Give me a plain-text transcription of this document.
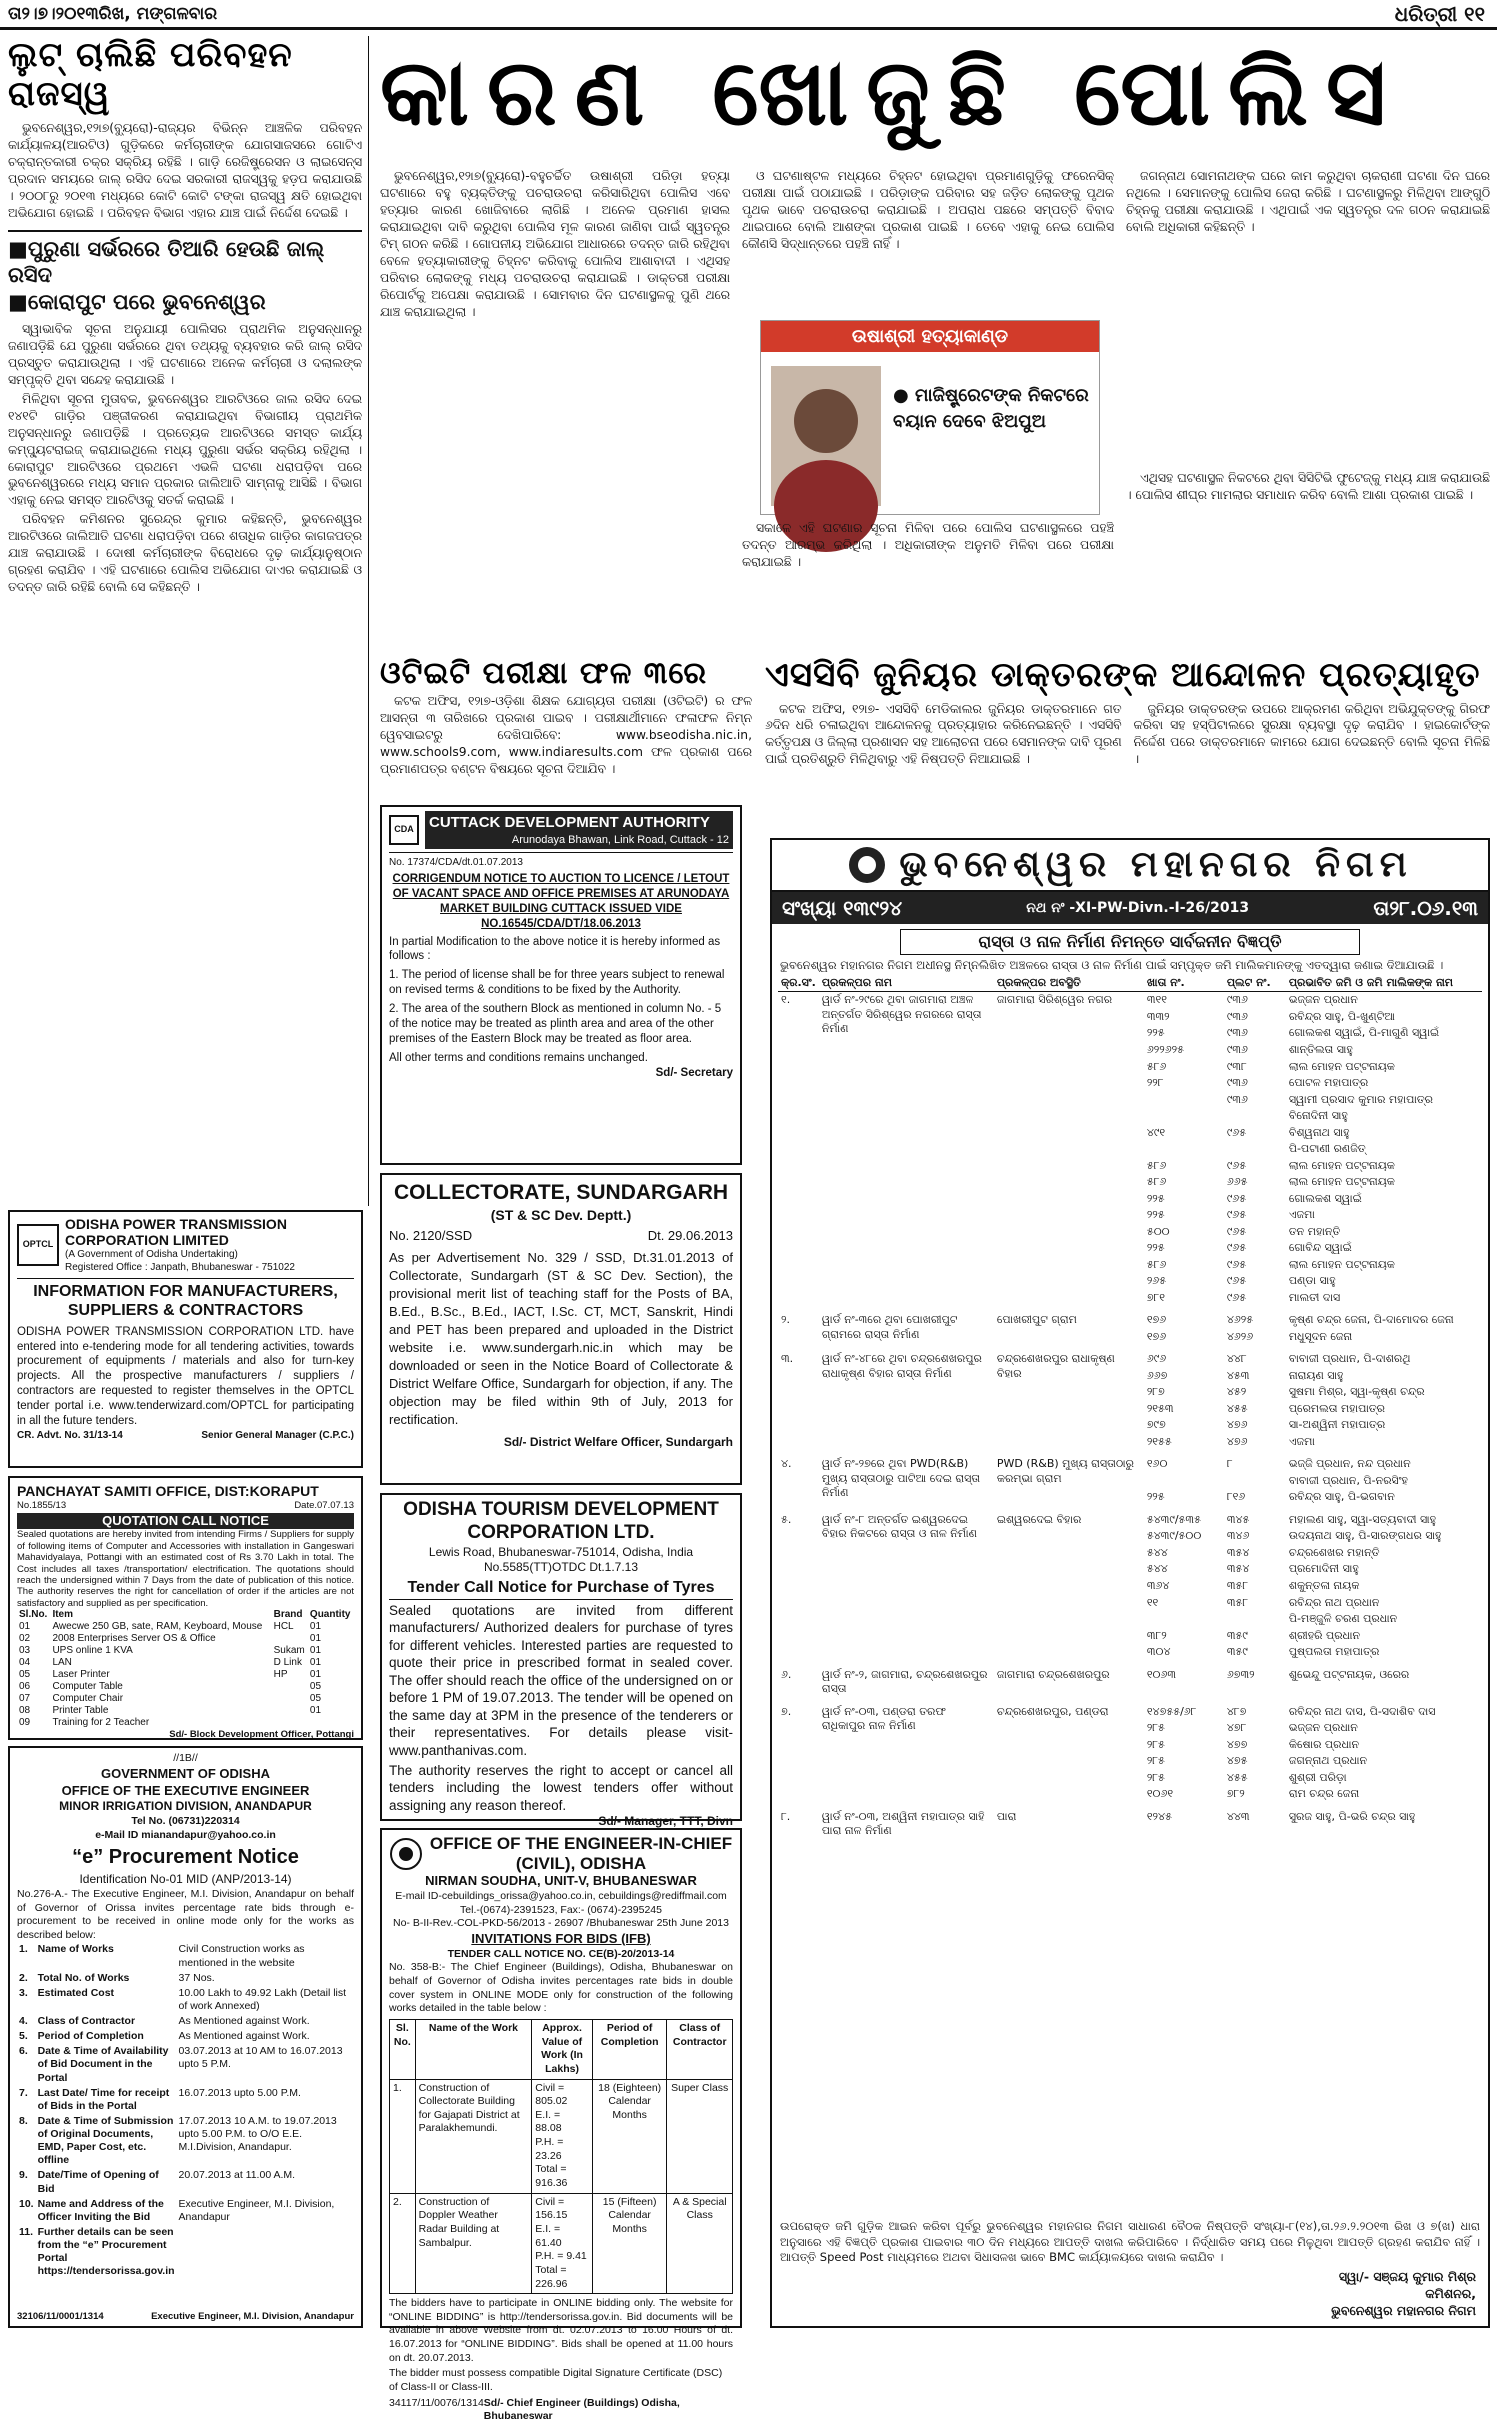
ତା୨।୭।୨୦୧୩ରିଖ, ମଙ୍ଗଳବାର	ଧରିତ୍ରୀ ୧୧
ଲୁଟ୍ ଚାଲିଛି ପରିବହନ ରାଜସ୍ୱ

ଭୁବନେଶ୍ୱର,୧୨ା୭(ବ୍ୟୁରୋ)-ରାଜ୍ୟର ବିଭିନ୍ନ ଆଞ୍ଚଳିକ ପରିବହନ କାର୍ଯ୍ୟାଳୟ(ଆରଟିଓ) ଗୁଡ଼ିକରେ କର୍ମଚାରୀଙ୍କ ଯୋଗସାଜସରେ ଗୋଟିଏ ଚକ୍ରାନ୍ତକାରୀ ଚକ୍ର ସକ୍ରିୟ ରହିଛି । ଗାଡ଼ି ରେଜିଷ୍ଟ୍ରେସନ ଓ ଲାଇସେନ୍ସ ପ୍ରଦାନ ସମୟରେ ଜାଲ୍ ରସିଦ ଦେଇ ସରକାରୀ ରାଜସ୍ୱକୁ ହଡ଼ପ କରାଯାଉଛି । ୨୦୦୮ରୁ ୨୦୧୩ ମଧ୍ୟରେ କୋଟି କୋଟି ଟଙ୍କା ରାଜସ୍ୱ କ୍ଷତି ହୋଇଥିବା ଅଭିଯୋଗ ହୋଇଛି । ପରିବହନ ବିଭାଗ ଏହାର ଯାଞ୍ଚ ପାଇଁ ନିର୍ଦ୍ଦେଶ ଦେଇଛି ।

■ପୁରୁଣା ସର୍ଭରରେ ତିଆରି ହେଉଛି ଜାଲ୍ ରସିଦ
■କୋରାପୁଟ ପରେ ଭୁବନେଶ୍ୱର

ସ୍ୱାଭାବିକ ସୂଚନା ଅନୁଯାୟୀ ପୋଲିସର ପ୍ରାଥମିକ ଅନୁସନ୍ଧାନରୁ ଜଣାପଡ଼ିଛି ଯେ ପୁରୁଣା ସର୍ଭରରେ ଥିବା ତଥ୍ୟକୁ ବ୍ୟବହାର କରି ଜାଲ୍ ରସିଦ ପ୍ରସ୍ତୁତ କରାଯାଉଥିଲା । ଏହି ଘଟଣାରେ ଅନେକ କର୍ମଚାରୀ ଓ ଦଲାଲଙ୍କ ସମ୍ପୃକ୍ତି ଥିବା ସନ୍ଦେହ କରାଯାଉଛି ।

ମିଳିଥିବା ସୂଚନା ମୁତାବକ, ଭୁବନେଶ୍ୱର ଆରଟିଓରେ ଜାଲ ରସିଦ ଦେଇ ୧୪୧ଟି ଗାଡ଼ିର ପଞ୍ଜୀକରଣ କରାଯାଇଥିବା ବିଭାଗୀୟ ପ୍ରାଥମିକ ଅନୁସନ୍ଧାନରୁ ଜଣାପଡ଼ିଛି । ପ୍ରତ୍ୟେକ ଆରଟିଓରେ ସମସ୍ତ କାର୍ଯ୍ୟ କମ୍ପ୍ୟୁଟରାଇଜ୍ କରାଯାଇଥିଲେ ମଧ୍ୟ ପୁରୁଣା ସର୍ଭର ସକ୍ରିୟ ରହିଥିଲା । କୋରାପୁଟ ଆରଟିଓରେ ପ୍ରଥମେ ଏଭଳି ଘଟଣା ଧରାପଡ଼ିବା ପରେ ଭୁବନେଶ୍ୱରରେ ମଧ୍ୟ ସମାନ ପ୍ରକାର ଜାଲିଆତି ସାମ୍ନାକୁ ଆସିଛି । ବିଭାଗ ଏହାକୁ ନେଇ ସମସ୍ତ ଆରଟିଓକୁ ସତର୍କ କରାଇଛି ।

ପରିବହନ କମିଶନର ସୁରେନ୍ଦ୍ର କୁମାର କହିଛନ୍ତି, ଭୁବନେଶ୍ୱର ଆରଟିଓରେ ଜାଲିଆତି ଘଟଣା ଧରାପଡ଼ିବା ପରେ ଶତାଧିକ ଗାଡ଼ିର କାଗଜପତ୍ର ଯାଞ୍ଚ କରାଯାଉଛି । ଦୋଷୀ କର୍ମଚାରୀଙ୍କ ବିରୋଧରେ ଦୃଢ଼ କାର୍ଯ୍ୟାନୁଷ୍ଠାନ ଗ୍ରହଣ କରାଯିବ । ଏହି ଘଟଣାରେ ପୋଲିସ ଅଭିଯୋଗ ଦାଏର କରାଯାଇଛି ଓ ତଦନ୍ତ ଜାରି ରହିଛି ବୋଲି ସେ କହିଛନ୍ତି ।

କାରଣ ଖୋଜୁଛି ପୋଲିସ

ଭୁବନେଶ୍ୱର,୧୨ା୭(ବ୍ୟୁରୋ)-ବହୁଚର୍ଚ୍ଚିତ ଉଷାଶ୍ରୀ ପରିଡ଼ା ହତ୍ୟା ଘଟଣାରେ ବହୁ ବ୍ୟକ୍ତିଙ୍କୁ ପଚରାଉଚରା କରିସାରିଥିବା ପୋଲିସ ଏବେ ହତ୍ୟାର କାରଣ ଖୋଜିବାରେ ଲାଗିଛି । ଅନେକ ପ୍ରମାଣ ହାସଲ କରାଯାଇଥିବା ଦାବି କରୁଥିବା ପୋଲିସ ମୂଳ କାରଣ ଜାଣିବା ପାଇଁ ସ୍ୱତନ୍ତ୍ର ଟିମ୍ ଗଠନ କରିଛି । ଗୋପନୀୟ ଅଭିଯୋଗ ଆଧାରରେ ତଦନ୍ତ ଜାରି ରହିଥିବା ବେଳେ ହତ୍ୟାକାରୀଙ୍କୁ ଚିହ୍ନଟ କରିବାକୁ ପୋଲିସ ଆଶାବାଦୀ । ଏଥିସହ ପରିବାର ଲୋକଙ୍କୁ ମଧ୍ୟ ପଚରାଉଚରା କରାଯାଇଛି । ଡାକ୍ତରୀ ପରୀକ୍ଷା ରିପୋର୍ଟକୁ ଅପେକ୍ଷା କରାଯାଉଛି । ସୋମବାର ଦିନ ଘଟଣାସ୍ଥଳକୁ ପୁଣି ଥରେ ଯାଞ୍ଚ କରାଯାଇଥିଲା ।

ଓ ଘଟଣାଷ୍ଟଳ ମଧ୍ୟରେ ଚିହ୍ନଟ ହୋଇଥିବା ପ୍ରମାଣଗୁଡ଼ିକୁ ଫରେନସିକ୍ ପରୀକ୍ଷା ପାଇଁ ପଠାଯାଇଛି । ପରିଡ଼ାଙ୍କ ପରିବାର ସହ ଜଡ଼ିତ ଲୋକଙ୍କୁ ପୃଥକ ପୃଥକ ଭାବେ ପଚରାଉଚରା କରାଯାଇଛି । ଅପରାଧ ପଛରେ ସମ୍ପତ୍ତି ବିବାଦ ଥାଇପାରେ ବୋଲି ଆଶଙ୍କା ପ୍ରକାଶ ପାଇଛି । ତେବେ ଏହାକୁ ନେଇ ପୋଲିସ କୌଣସି ସିଦ୍ଧାନ୍ତରେ ପହଞ୍ଚି ନାହିଁ ।

ଉଷାଶ୍ରୀ ହତ୍ୟାକାଣ୍ଡ
● ମାଜିଷ୍ଟ୍ରେଟଙ୍କ ନିକଟରେ ବୟାନ ଦେବେ ଝିଅପୁଅ

ସକାଳେ ଏହି ଘଟଣାର ସୂଚନା ମିଳିବା ପରେ ପୋଲିସ ଘଟଣାସ୍ଥଳରେ ପହଞ୍ଚି ତଦନ୍ତ ଆରମ୍ଭ କରିଥିଲା । ଅଧିକାରୀଙ୍କ ଅନୁମତି ମିଳିବା ପରେ ପରୀକ୍ଷା କରାଯାଇଛି ।

ଜଗନ୍ନାଥ ସୋମନାଥଙ୍କ ଘରେ କାମ କରୁଥିବା ଚାକରାଣୀ ଘଟଣା ଦିନ ଘରେ ନଥିଲେ । ସେମାନଙ୍କୁ ପୋଲିସ ଜେରା କରିଛି । ଘଟଣାସ୍ଥଳରୁ ମିଳିଥିବା ଆଙ୍ଗୁଠି ଚିହ୍ନକୁ ପରୀକ୍ଷା କରାଯାଉଛି । ଏଥିପାଇଁ ଏକ ସ୍ୱତନ୍ତ୍ର ଦଳ ଗଠନ କରାଯାଇଛି ବୋଲି ଅଧିକାରୀ କହିଛନ୍ତି ।

ଏଥିସହ ଘଟଣାସ୍ଥଳ ନିକଟରେ ଥିବା ସିସିଟିଭି ଫୁଟେଜ୍‌କୁ ମଧ୍ୟ ଯାଞ୍ଚ କରାଯାଉଛି । ପୋଲିସ ଶୀଘ୍ର ମାମଲାର ସମାଧାନ କରିବ ବୋଲି ଆଶା ପ୍ରକାଶ ପାଇଛି ।

ଓଟିଇଟି ପରୀକ୍ଷା ଫଳ ୩ରେ

କଟକ ଅଫିସ, ୧୨ା୭-ଓଡ଼ିଶା ଶିକ୍ଷକ ଯୋଗ୍ୟତା ପରୀକ୍ଷା (ଓଟିଇଟି) ର ଫଳ ଆସନ୍ତା ୩ ତାରିଖରେ ପ୍ରକାଶ ପାଇବ । ପରୀକ୍ଷାର୍ଥୀମାନେ ଫଳାଫଳ ନିମ୍ନ ୱେବସାଇଟରୁ ଦେଖିପାରିବେ: www.bseodisha.nic.in, www.schools9.com, www.indiaresults.com ଫଳ ପ୍ରକାଶ ପରେ ପ୍ରମାଣପତ୍ର ବଣ୍ଟନ ବିଷୟରେ ସୂଚନା ଦିଆଯିବ ।

ଏସସିବି ଜୁନିୟର ଡାକ୍ତରଙ୍କ ଆନ୍ଦୋଳନ ପ୍ରତ୍ୟାହୃତ

କଟକ ଅଫିସ, ୧୨ା୭- ଏସସିବି ମେଡିକାଲର ଜୁନିୟର ଡାକ୍ତରମାନେ ଗତ ୬ଦିନ ଧରି ଚଳାଇଥିବା ଆନ୍ଦୋଳନକୁ ପ୍ରତ୍ୟାହାର କରିନେଇଛନ୍ତି । ଏସସିବି କର୍ତ୍ତୃପକ୍ଷ ଓ ଜିଲ୍ଲା ପ୍ରଶାସନ ସହ ଆଲୋଚନା ପରେ ସେମାନଙ୍କ ଦାବି ପୂରଣ ପାଇଁ ପ୍ରତିଶ୍ରୁତି ମିଳିଥିବାରୁ ଏହି ନିଷ୍ପତ୍ତି ନିଆଯାଇଛି ।

ଜୁନିୟର ଡାକ୍ତରଙ୍କ ଉପରେ ଆକ୍ରମଣ କରିଥିବା ଅଭିଯୁକ୍ତଙ୍କୁ ଗିରଫ କରିବା ସହ ହସ୍ପିଟାଲରେ ସୁରକ୍ଷା ବ୍ୟବସ୍ଥା ଦୃଢ଼ କରାଯିବ । ହାଇକୋର୍ଟଙ୍କ ନିର୍ଦ୍ଦେଶ ପରେ ଡାକ୍ତରମାନେ କାମରେ ଯୋଗ ଦେଇଛନ୍ତି ବୋଲି ସୂଚନା ମିଳିଛି ।

CDA	CUTTACK DEVELOPMENT AUTHORITY
Arunodaya Bhawan, Link Road, Cuttack - 12
No. 17374/CDA/dt.01.07.2013
CORRIGENDUM NOTICE TO AUCTION TO LICENCE / LETOUT OF VACANT SPACE AND OFFICE PREMISES AT ARUNODAYA MARKET BUILDING CUTTACK ISSUED VIDE NO.16545/CDA/DT/18.06.2013
In partial Modification to the above notice it is hereby informed as follows :
1. The period of license shall be for three years subject to renewal on revised terms & conditions to be fixed by the Authority.
2. The area of the southern Block as mentioned in column No. - 5 of the notice may be treated as plinth area and area of the other premises of the Eastern Block may be treated as floor area.
All other terms and conditions remains unchanged.
Sd/- Secretary
COLLECTORATE, SUNDARGARH
(ST & SC Dev. Deptt.)
No. 2120/SSD	Dt. 29.06.2013
As per Advertisement No. 329 / SSD, Dt.31.01.2013 of Collectorate, Sundargarh (ST & SC Dev. Section), the provisional merit list of teaching staff for the Posts of BA, B.Ed., B.Sc., B.Ed., IACT, I.Sc. CT, MCT, Sanskrit, Hindi and PET has been prepared and uploaded in the District website i.e. www.sundergarh.nic.in which may be downloaded or seen in the Notice Board of Collectorate & District Welfare Office, Sundargarh for objection, if any. The objection may be filed within 9th of July, 2013 for rectification.
Sd/- District Welfare Officer, Sundargarh
ODISHA TOURISM DEVELOPMENT CORPORATION LTD.
Lewis Road, Bhubaneswar-751014, Odisha, India
No.5585(TT)OTDC Dt.1.7.13
Tender Call Notice for Purchase of Tyres
Sealed quotations are invited from different manufacturers/ Authorized dealers for purchase of tyres for different vehicles. Interested parties are requested to quote their price in prescribed format in sealed cover. The offer should reach the office of the undersigned on or before 1 PM of 19.07.2013. The tender will be opened on the same day at 3PM in the presence of the tenderers or their representatives. For details please visit- www.panthanivas.com.
The authority reserves the right to accept or cancel all tenders including the lowest tenders offer without assigning any reason thereof.
Sd/- Manager, TTT, Divn
OFFICE OF THE ENGINEER-IN-CHIEF (CIVIL), ODISHA
NIRMAN SOUDHA, UNIT-V, BHUBANESWAR
E-mail ID-cebuildings_orissa@yahoo.co.in, cebuildings@rediffmail.com
Tel.-(0674)-2391523, Fax:- (0674)-2395245
No- B-II-Rev.-COL-PKD-56/2013 - 26907 /Bhubaneswar 25th June 2013
INVITATIONS FOR BIDS (IFB)
TENDER CALL NOTICE NO. CE(B)-20/2013-14
No. 358-B:- The Chief Engineer (Buildings), Odisha, Bhubaneswar on behalf of Governor of Odisha invites percentages rate bids in double cover system in ONLINE MODE only for construction of the following works detailed in the table below :
Sl. No.	Name of the Work	Approx. Value of Work (In Lakhs)	Period of Completion	Class of Contractor
1.	Construction of Collectorate Building for Gajapati District at Paralakhemundi.	Civil = 805.02
E.I. = 88.08
P.H. = 23.26
Total = 916.36	18 (Eighteen) Calendar Months	Super Class
2.	Construction of Doppler Weather Radar Building at Sambalpur.	Civil = 156.15
E.I. = 61.40
P.H. = 9.41
Total = 226.96	15 (Fifteen) Calendar Months	A & Special Class
The bidders have to participate in ONLINE bidding only. The website for “ONLINE BIDDING” is http://tendersorissa.gov.in. Bid documents will be available in above Website from dt. 02.07.2013 to 16.00 Hours of dt. 16.07.2013 for “ONLINE BIDDING”. Bids shall be opened at 11.00 hours on dt. 20.07.2013.
The bidder must possess compatible Digital Signature Certificate (DSC) of Class-II or Class-III.
34117/11/0076/1314 Sd/- Chief Engineer (Buildings) Odisha, Bhubaneswar
OPTCL
ODISHA POWER TRANSMISSION CORPORATION LIMITED
(A Government of Odisha Undertaking)
Registered Office : Janpath, Bhubaneswar - 751022
INFORMATION FOR MANUFACTURERS, SUPPLIERS & CONTRACTORS
ODISHA POWER TRANSMISSION CORPORATION LTD. have entered into e-tendering mode for all tendering activities, towards procurement of equipments / materials and also for turn-key projects. All the prospective manufacturers / suppliers / contractors are requested to register themselves in the OPTCL tender portal i.e. www.tenderwizard.com/OPTCL for participating in all the future tenders.
CR. Advt. No. 31/13-14	Senior General Manager (C.P.C.)
PANCHAYAT SAMITI OFFICE, DIST:KORAPUT
No.1855/13	Date.07.07.13
QUOTATION CALL NOTICE
Sealed quotations are hereby invited from intending Firms / Suppliers for supply of following items of Computer and Accessories with installation in Gangeswari Mahavidyalaya, Pottangi with an estimated cost of Rs 3.70 Lakh in total. The Cost includes all taxes /transportation/ electrification. The quotations should reach the undersigned within 7 Days from the date of publication of this notice. The authority reserves the right for cancellation of order if the articles are not satisfactory and supplied as per specification.
Sl.No.	Item	Brand	Quantity
01	Awecwe 250 GB, sate, RAM, Keyboard, Mouse	HCL	01
02	2008 Enterprises Server OS & Office		01
03	UPS online 1 KVA	Sukam	01
04	LAN	D Link	01
05	Laser Printer	HP	01
06	Computer Table		05
07	Computer Chair		05
08	Printer Table		01
09	Training for 2 Teacher		
Sd/- Block Development Officer, Pottangi
//1B//
GOVERNMENT OF ODISHA
OFFICE OF THE EXECUTIVE ENGINEER
MINOR IRRIGATION DIVISION, ANANDAPUR
Tel No. (06731)220314
e-Mail ID mianandapur@yahoo.co.in
“e” Procurement Notice
Identification No-01 MID (ANP/2013-14)
No.276-A.- The Executive Engineer, M.I. Division, Anandapur on behalf of Governor of Orissa invites percentage rate bids through e-procurement to be received in online mode only for the works as described below:
1.	Name of Works	Civil Construction works as mentioned in the website
2.	Total No. of Works	37 Nos.
3.	Estimated Cost	10.00 Lakh to 49.92 Lakh (Detail list of work Annexed)
4.	Class of Contractor	As Mentioned against Work.
5.	Period of Completion	As Mentioned against Work.
6.	Date & Time of Availability of Bid Document in the Portal	03.07.2013 at 10 AM to 16.07.2013 upto 5 P.M.
7.	Last Date/ Time for receipt of Bids in the Portal	16.07.2013 upto 5.00 P.M.
8.	Date & Time of Submission of Original Documents, EMD, Paper Cost, etc. offline	17.07.2013 10 A.M. to 19.07.2013 upto 5.00 P.M. to O/O E.E. M.I.Division, Anandapur.
9.	Date/Time of Opening of Bid	20.07.2013 at 11.00 A.M.
10.	Name and Address of the Officer Inviting the Bid	Executive Engineer, M.I. Division, Anandapur
11.	Further details can be seen from the “e” Procurement Portal https://tendersorissa.gov.in	
32106/11/0001/1314	Executive Engineer, M.I. Division, Anandapur
ଭୁବନେଶ୍ୱର ମହାନଗର ନିଗମ
ସଂଖ୍ୟା ୧୩୯୨୪	ନଥ ନଂ -XI-PW-Divn.-I-26/2013	ତା୨୮.୦୬.୧୩
ରାସ୍ତା ଓ ନାଳ ନିର୍ମାଣ ନିମନ୍ତେ ସାର୍ବଜନୀନ ବିଜ୍ଞପ୍ତି
ଭୁବନେଶ୍ୱର ମହାନଗର ନିଗମ ଅଧୀନସ୍ଥ ନିମ୍ନଲିଖିତ ଅଞ୍ଚଳରେ ରାସ୍ତା ଓ ନାଳ ନିର୍ମାଣ ପାଇଁ ସମ୍ପୃକ୍ତ ଜମି ମାଲିକମାନଙ୍କୁ ଏତଦ୍ୱାରା ଜଣାଇ ଦିଆଯାଉଛି ।
କ୍ର.ସଂ.	ପ୍ରକଳ୍ପର ନାମ	ପ୍ରକଳ୍ପର ଅବସ୍ଥିତି	ଖାତା ନଂ.	ପ୍ଲଟ ନଂ.	ପ୍ରଭାବିତ ଜମି ଓ ଜମି ମାଲିକଙ୍କ ନାମ
୧.	ୱାର୍ଡ ନଂ-୨୯ରେ ଥିବା ଜାଗମାରା ଅଞ୍ଚଳ ଅନ୍ତର୍ଗତ ସିରିଶ୍ୱେର ନଗରରେ ରାସ୍ତା ନିର୍ମାଣ	ଜାଗମାରା ସିରିଶ୍ୱେର ନଗର	୩୧୧	୯୩୬	ଭଜ୍ଜନ ପ୍ରଧାନ
			୩୩୨	୯୩୬	ରବିନ୍ଦ୍ର ସାହୁ, ପି-ଖୁଣ୍ଟିଆ
			୨୨୫	୯୩୬	ଗୋଲକଶ ସ୍ୱାଇଁ, ପି-ମାଗୁଣି ସ୍ୱାଇଁ
			୬୨୨୬୨୫	୯୩୬	ଶାନ୍ତିଲତା ସାହୁ
			୫୮୬	୯୩୮	ଲାଲ ମୋହନ ପଟ୍ଟନାୟକ
			୨୨୮	୯୩୬	ପୋଟଳ ମହାପାତ୍ର
				୯୩୬	ସ୍ୱାମୀ ପ୍ରସାଦ କୁମାର ମହାପାତ୍ର
					ବିନୋଦିନୀ ସାହୁ
			୪୯୧	୯୬୫	ବିଶ୍ୱନାଥ ସାହୁ
					ପି-ପଟାଣୀ ରଣଜିତ୍
			୫୮୬	୯୬୫	ଲାଲ ମୋହନ ପଟ୍ଟନାୟକ
			୫୮୬	୬୬୫	ଲାଲ ମୋହନ ପଟ୍ଟନାୟକ
			୨୨୫	୯୬୫	ଗୋଲକଶ ସ୍ୱାଇଁ
			୨୨୫	୯୬୫	ଏଜମା
			୫୦୦	୯୬୫	ତନ ମହାନ୍ତି
			୨୨୫	୯୬୫	ଗୋବିନ୍ଦ ସ୍ୱାଇଁ
			୫୮୬	୯୬୫	ଲାଲ ମୋହନ ପଟ୍ଟନାୟକ
			୨୬୫	୯୬୫	ପଣ୍ଡା ସାହୁ
			୭୮୧	୯୬୫	ମାଲତୀ ଦାସ

୨.	ୱାର୍ଡ ନଂ-୩ରେ ଥିବା ପୋଖରୀପୁଟ ଗ୍ରାମରେ ରାସ୍ତା ନିର୍ମାଣ	ପୋଖରୀପୁଟ ଗ୍ରାମ	୧୭୬	୪୬୨୫	କୃଷ୍ଣ ଚନ୍ଦ୍ର ଜେନା, ପି-ଦାମୋଦର ଜେନା
			୧୭୬	୪୬୨୬	ମଧୁସୂଦନ ଜେନା

୩.	ୱାର୍ଡ ନଂ-୪୮ରେ ଥିବା ଚନ୍ଦ୍ରଶେଖରପୁର ରାଧାକୃଷ୍ଣ ବିହାର ରାସ୍ତା ନିର୍ମାଣ	ଚନ୍ଦ୍ରଶେଖରପୁର ରାଧାକୃଷ୍ଣ ବିହାର	୬୯୬	୪୪୮	ବାବାଜୀ ପ୍ରଧାନ, ପି-ଦାଶରଥି
			୬୬୭	୪୫୩	ନାରାୟଣ ସାହୁ
			୨୮୭	୪୫୨	ସୁଷମା ମିଶ୍ର, ସ୍ୱା-କୃଷ୍ଣ ଚନ୍ଦ୍ର
			୨୧୫୩	୪୫୫	ପ୍ରେମଲତା ମହାପାତ୍ର
			୭୯୭	୪୭୬	ସା-ଅଶ୍ୱିନୀ ମହାପାତ୍ର
			୨୧୫୫	୪୭୬	ଏଜମା

୪.	ୱାର୍ଡ ନଂ-୨୭ରେ ଥିବା PWD(R&B) ମୁଖ୍ୟ ରାସ୍ତାଠାରୁ ପାଟିଆ ଦେଇ ରାସ୍ତା ନିର୍ମାଣ	PWD (R&B) ମୁଖ୍ୟ ରାସ୍ତାଠାରୁ କରମ୍ଭା ଗ୍ରାମ	୧୬୦	୮	ଭଜ୍ଜି ପ୍ରଧାନ, ନନ୍ଦ ପ୍ରଧାନ
					ବାବାଜୀ ପ୍ରଧାନ, ପି-ନରସିଂହ
			୨୨୫	୮୧୬	ରବିନ୍ଦ୍ର ସାହୁ, ପି-ଭଗବାନ

୫.	ୱାର୍ଡ ନଂ-୮ ଅନ୍ତର୍ଗତ ଇଶ୍ୱରଦେଇ ବିହାର ନିକଟରେ ରାସ୍ତା ଓ ନାଳ ନିର୍ମାଣ	ଇଶ୍ୱରଦେଇ ବିହାର	୫୪୩୯/୫୩୫	୩୪୫	ମହାଲଣ ସାହୁ, ସ୍ୱା-ସତ୍ୟବାଦୀ ସାହୁ
			୫୪୩୯/୫୦୦	୩୪୬	ଉଦୟନାଥ ସାହୁ, ପି-ସାରଙ୍ଗଧର ସାହୁ
			୫୪୪	୩୫୪	ଚନ୍ଦ୍ରଶେଖର ମହାନ୍ତି
			୫୪୪	୩୫୪	ପ୍ରମୋଦିନୀ ସାହୁ
			୩୬୪	୩୫୮	ଶକୁନ୍ତଳା ନାୟକ
			୧୧	୩୫୮	ରବିନ୍ଦ୍ର ନାଥ ପ୍ରଧାନ
					ପି-ମଞ୍ଜୁଳି ଚରଣ ପ୍ରଧାନ
			୩୮୨	୩୫୯	ଶ୍ରୀହରି ପ୍ରଧାନ
			୩୦୪	୩୫୯	ପୁଷ୍ପଲତା ମହାପାତ୍ର

୬.	ୱାର୍ଡ ନଂ-୨, ଜାଗମାରା, ଚନ୍ଦ୍ରଶେଖରପୁର ରାସ୍ତା	ଜାଗମାରା ଚନ୍ଦ୍ରଶେଖରପୁର	୧୦୬୩	୬୭୩୨	ଶୁଭେନ୍ଦୁ ପଟ୍ଟନାୟକ, ଓରେର

୭.	ୱାର୍ଡ ନଂ-୦୩, ପଣ୍ଡରା ତରଫ ରାଧିକାପୁର ନାଳ ନିର୍ମାଣ	ଚନ୍ଦ୍ରଶେଖରପୁର, ପଣ୍ଡରା	୧୪୭୫୫/୬୮	୪୮୭	ରବିନ୍ଦ୍ର ନାଥ ଦାସ, ପି-ସଦାଶିବ ଦାସ
			୨୮୫	୪୭୮	ଭଜ୍ଜନ ପ୍ରଧାନ
			୨୮୫	୪୭୭	କିଷୋର ପ୍ରଧାନ
			୨୮୫	୪୭୫	ଜଗନ୍ନାଥ ପ୍ରଧାନ
			୨୮୫	୪୫୫	ଶୁଶ୍ରୀ ପରିଡ଼ା
			୧୦୬୧	୭୮୨	ରାମ ଚନ୍ଦ୍ର ଜେନା

୮.	ୱାର୍ଡ ନଂ-୦୩, ଅଶ୍ୱିନୀ ମହାପାତ୍ର ସାହି ପାରା ନାଳ ନିର୍ମାଣ	ପାରା	୧୨୪୫	୪୪୩	ସୁରଜ ସାହୁ, ପି-ଭରି ଚନ୍ଦ୍ର ସାହୁ

ଉପରୋକ୍ତ ଜମି ଗୁଡ଼ିକ ଆଇନ କରିବା ପୂର୍ବରୁ ଭୁବନେଶ୍ୱର ମହାନଗର ନିଗମ ସାଧାରଣ ବୈଠକ ନିଷ୍ପତ୍ତି ସଂଖ୍ୟା-୮(୧୪),ତା.୨୬.୨.୨୦୧୩ ରିଖ ଓ ୭(ଖ) ଧାରା ଅନୁସାରେ ଏହି ବିଜ୍ଞପ୍ତି ପ୍ରକାଶ ପାଇବାର ୩୦ ଦିନ ମଧ୍ୟରେ ଆପତ୍ତି ଦାଖଲ କରିପାରିବେ । ନିର୍ଦ୍ଧାରିତ ସମୟ ପରେ ମିଳୁଥିବା ଆପତ୍ତି ଗ୍ରହଣ କରାଯିବ ନାହିଁ । ଆପତ୍ତି Speed Post ମାଧ୍ୟମରେ ଅଥବା ସିଧାସଳଖ ଭାବେ BMC କାର୍ଯ୍ୟାଳୟରେ ଦାଖଲ କରାଯିବ ।
ସ୍ୱା/- ସଞ୍ଜୟ କୁମାର ମିଶ୍ର
କମିଶନର,
ଭୁବନେଶ୍ୱର ମହାନଗର ନିଗମ
